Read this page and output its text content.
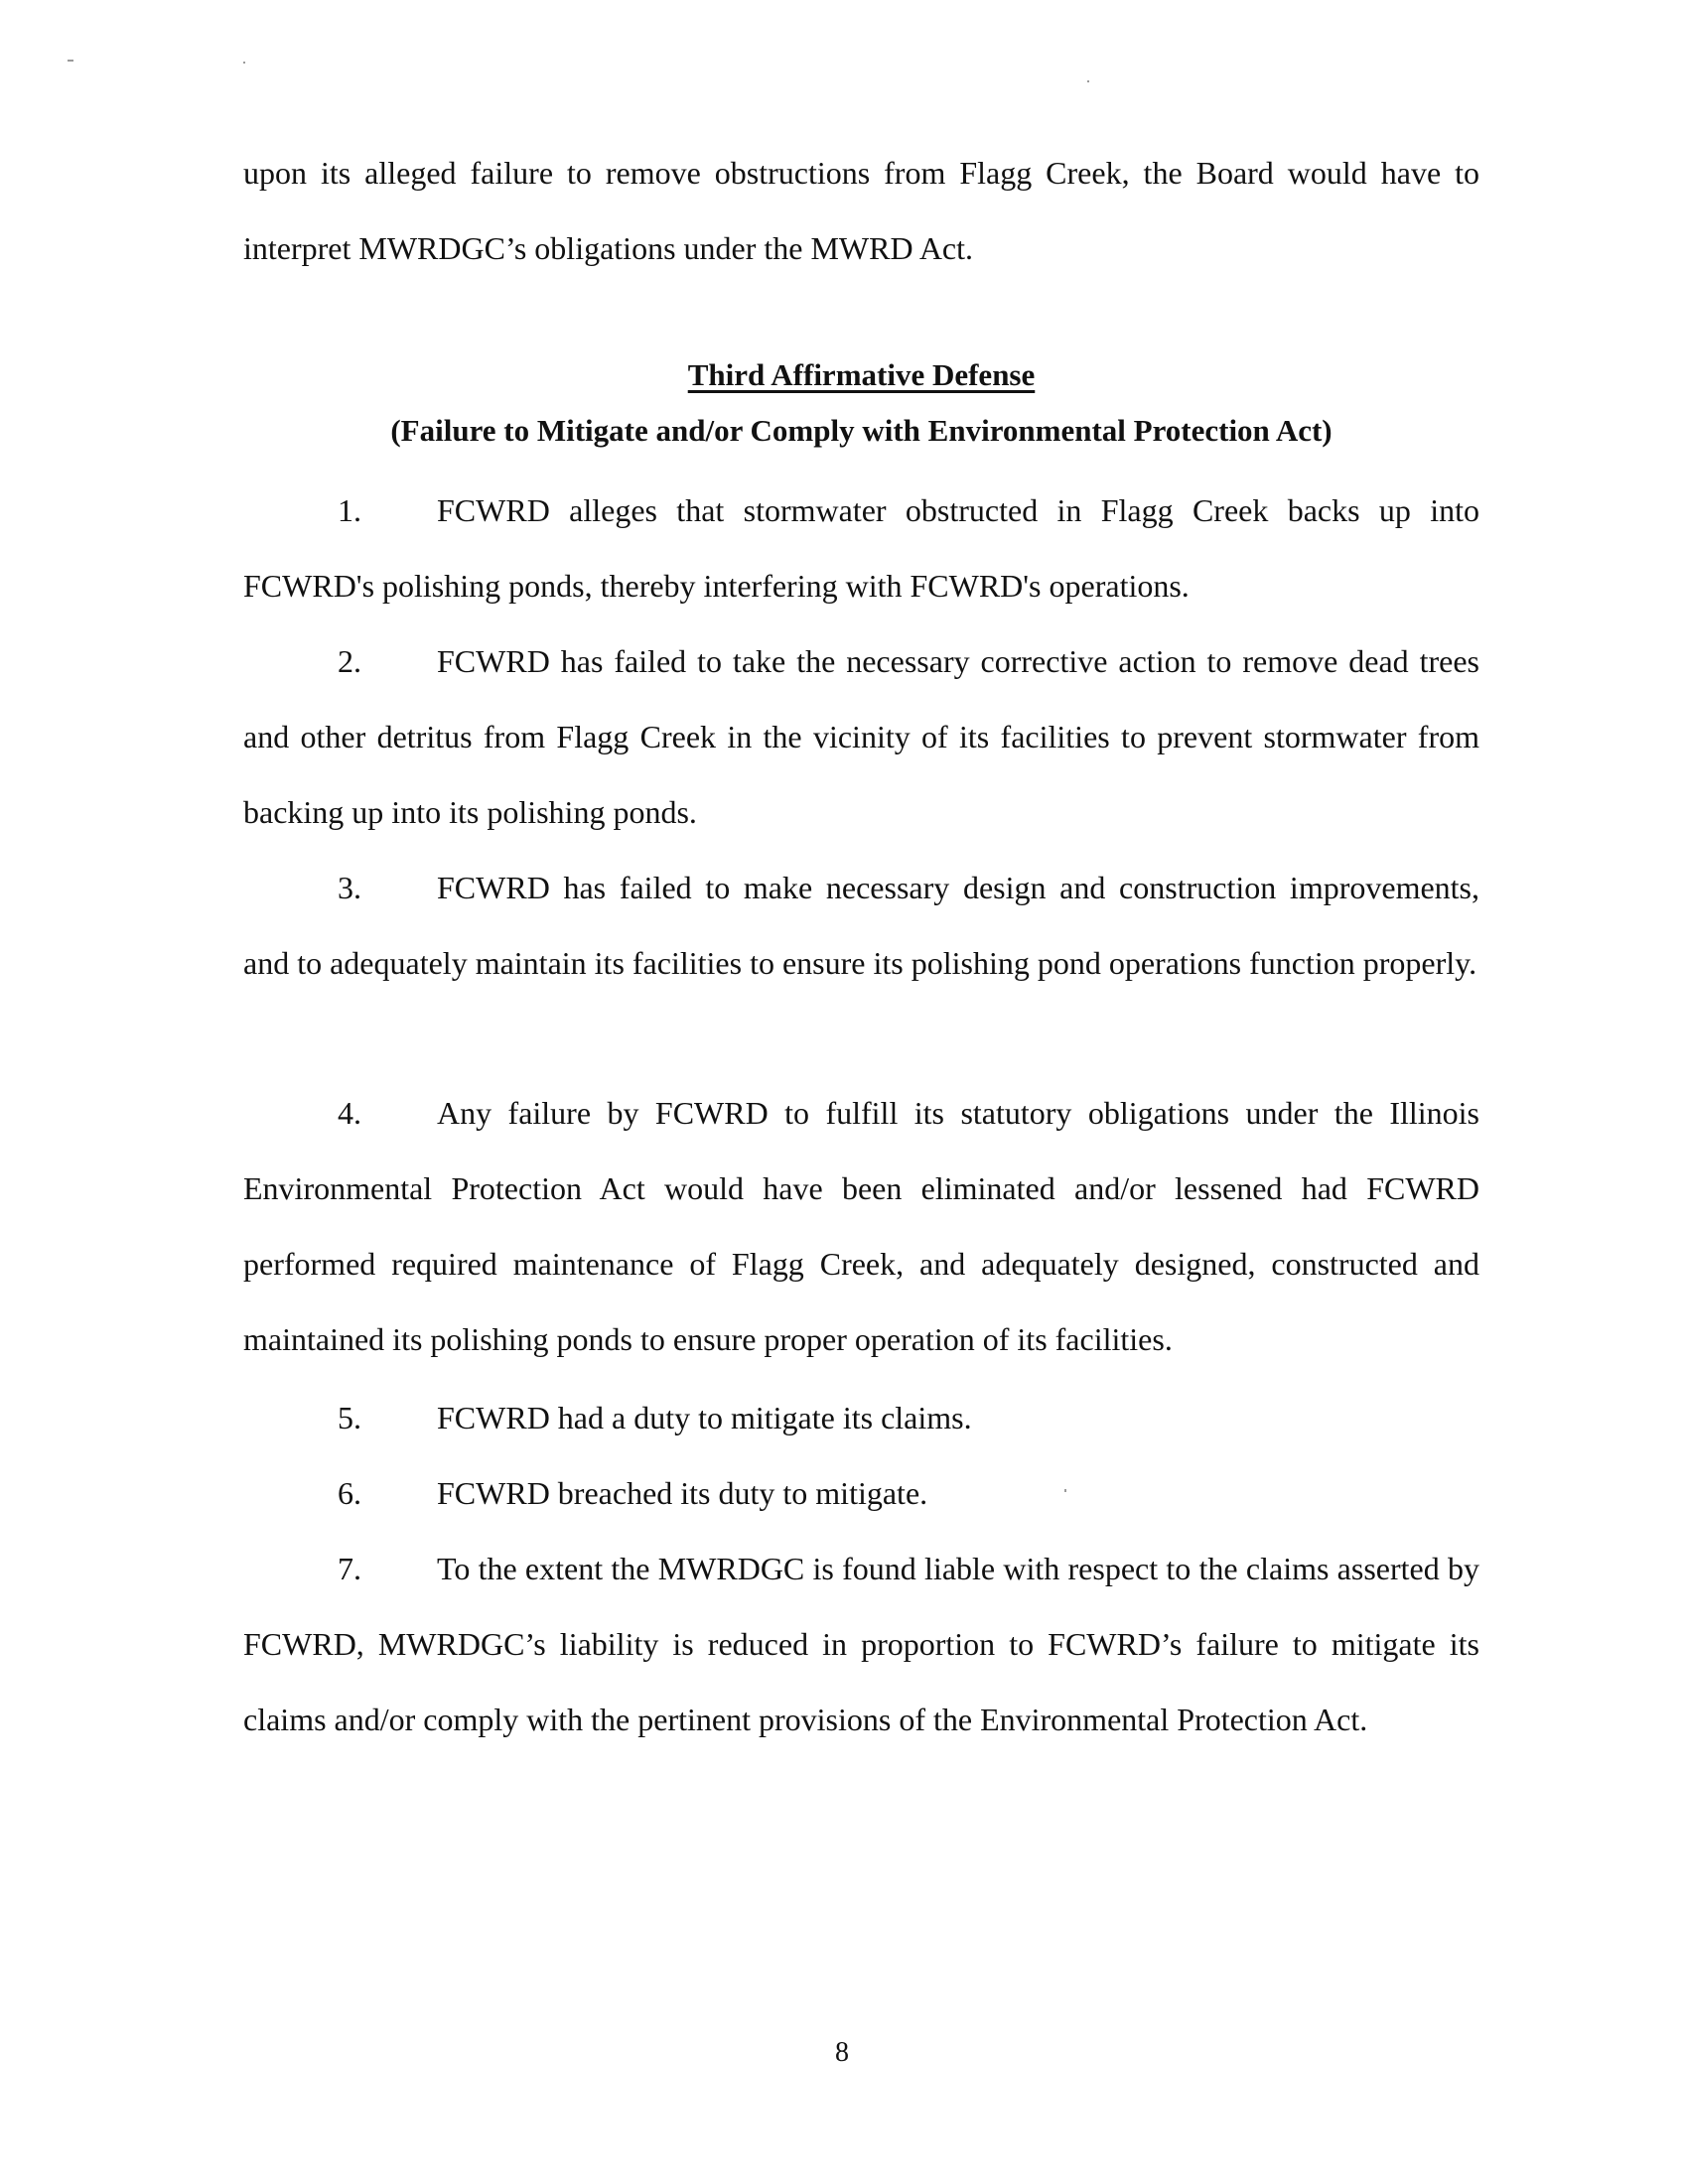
upon its alleged failure to remove obstructions from Flagg Creek, the Board would have to interpret MWRDGC’s obligations under the MWRD Act.

Third Affirmative Defense
(Failure to Mitigate and/or Comply with Environmental Protection Act)

1. FCWRD alleges that stormwater obstructed in Flagg Creek backs up into FCWRD's polishing ponds, thereby interfering with FCWRD's operations.

2. FCWRD has failed to take the necessary corrective action to remove dead trees and other detritus from Flagg Creek in the vicinity of its facilities to prevent stormwater from backing up into its polishing ponds.

3. FCWRD has failed to make necessary design and construction improvements, and to adequately maintain its facilities to ensure its polishing pond operations function properly.

4. Any failure by FCWRD to fulfill its statutory obligations under the Illinois Environmental Protection Act would have been eliminated and/or lessened had FCWRD performed required maintenance of Flagg Creek, and adequately designed, constructed and maintained its polishing ponds to ensure proper operation of its facilities.

5. FCWRD had a duty to mitigate its claims.

6. FCWRD breached its duty to mitigate.

7. To the extent the MWRDGC is found liable with respect to the claims asserted by FCWRD, MWRDGC’s liability is reduced in proportion to FCWRD’s failure to mitigate its claims and/or comply with the pertinent provisions of the Environmental Protection Act.

8
